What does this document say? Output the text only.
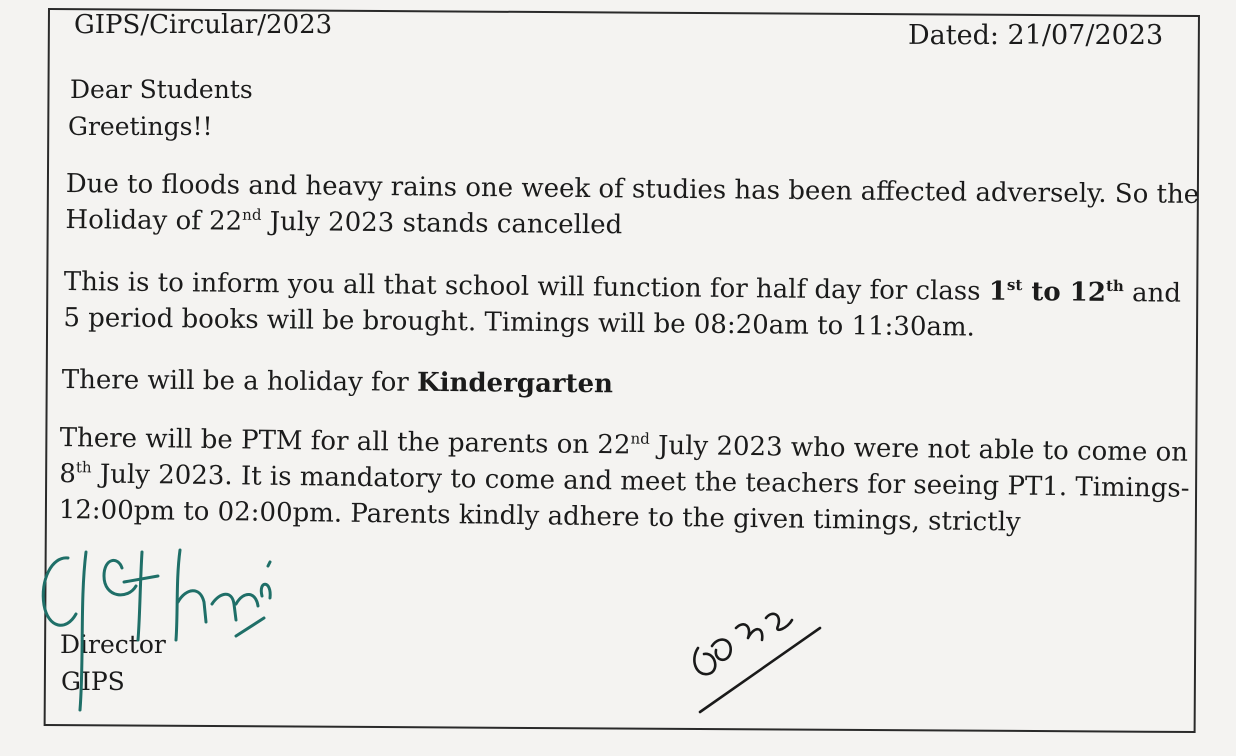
GIPS/Circular/2023	Dated: 21/07/2023
Dear Students
Greetings!!
Due to floods and heavy rains one week of studies has been affected adversely. So the
Holiday of 22nd July 2023 stands cancelled
This is to inform you all that school will function for half day for class 1st to 12th and
5 period books will be brought. Timings will be 08:20am to 11:30am.
There will be a holiday for Kindergarten
There will be PTM for all the parents on 22nd July 2023 who were not able to come on
8th July 2023. It is mandatory to come and meet the teachers for seeing PT1. Timings-
12:00pm to 02:00pm. Parents kindly adhere to the given timings, strictly
Director
GIPS
